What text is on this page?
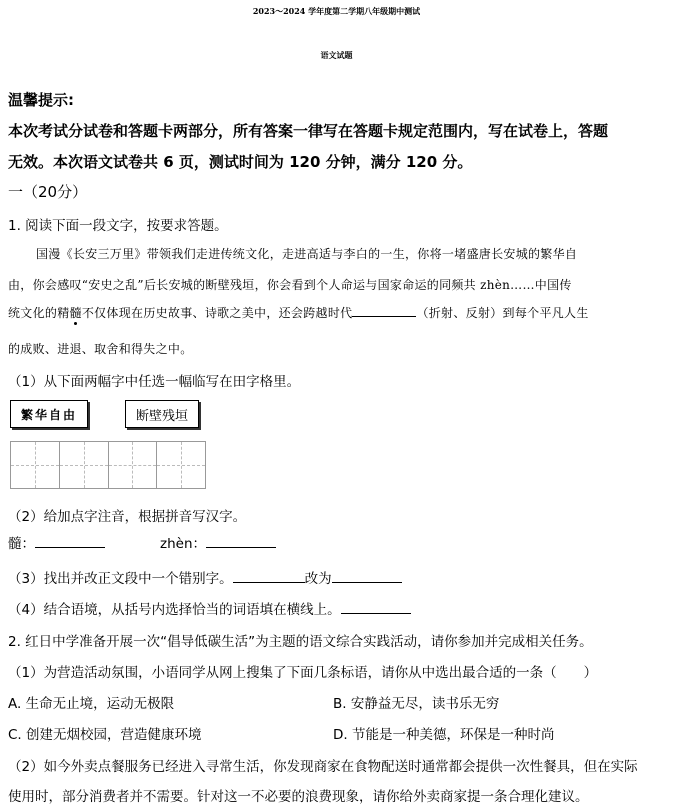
2023～2024 学年度第二学期八年级期中测试
语文试题
温馨提示:
本次考试分试卷和答题卡两部分，所有答案一律写在答题卡规定范围内，写在试卷上，答题
无效。本次语文试卷共 6 页，测试时间为 120 分钟，满分 120 分。
一（20分）
1. 阅读下面一段文字，按要求答题。
国漫《长安三万里》带领我们走进传统文化，走进高适与李白的一生，你将一堵盛唐长安城的繁华自
由，你会感叹“安史之乱”后长安城的断壁残垣，你会看到个人命运与国家命运的同频共 zhèn……中国传
统文化的精髓不仅体现在历史故事、诗歌之美中，还会跨越时代	（折射、反射）到每个平凡人生
的成败、进退、取舍和得失之中。
（1）从下面两幅字中任选一幅临写在田字格里。
繁华自由	断壁残垣
（2）给加点字注音，根据拼音写汉字。
髓：	zhèn：
（3）找出并改正文段中一个错别字。	改为
（4）结合语境，从括号内选择恰当的词语填在横线上。
2. 红日中学准备开展一次“倡导低碳生活”为主题的语文综合实践活动，请你参加并完成相关任务。
（1）为营造活动氛围，小语同学从网上搜集了下面几条标语，请你从中选出最合适的一条（　　）
A. 生命无止境，运动无极限	B. 安静益无尽，读书乐无穷
C. 创建无烟校园，营造健康环境	D. 节能是一种美德，环保是一种时尚
（2）如今外卖点餐服务已经进入寻常生活，你发现商家在食物配送时通常都会提供一次性餐具，但在实际
使用时，部分消费者并不需要。针对这一不必要的浪费现象，请你给外卖商家提一条合理化建议。
